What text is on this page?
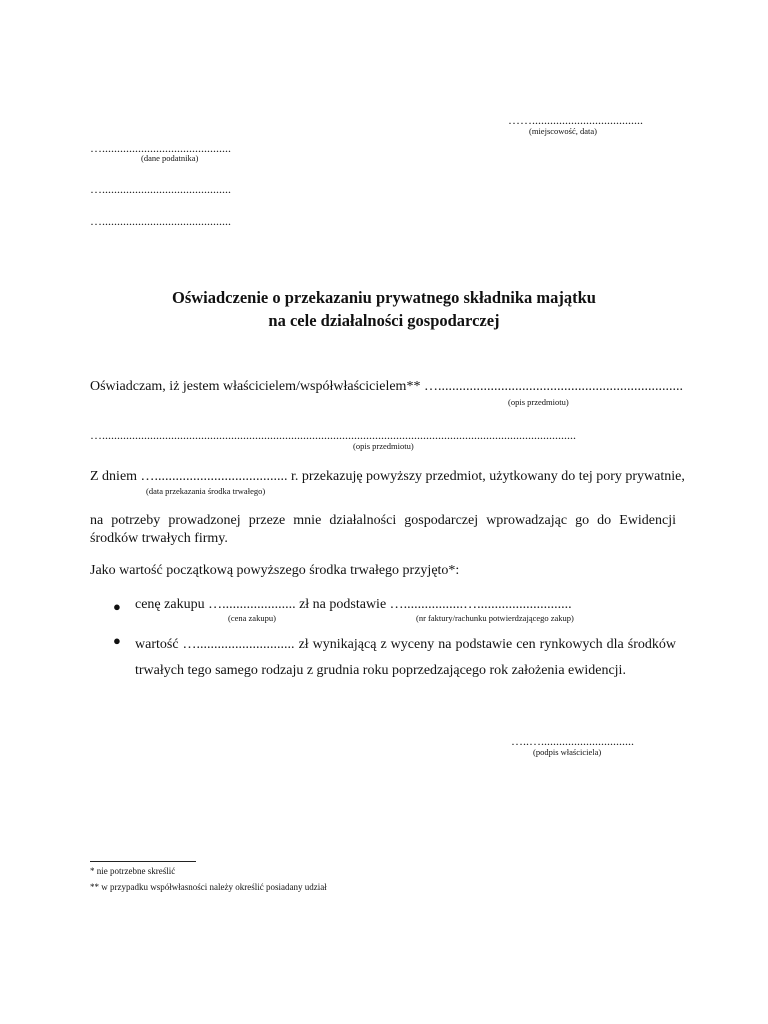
…….....................................
(miejscowość, data)
…...........................................
(dane podatnika)
…...........................................
…...........................................
Oświadczenie o przekazaniu prywatnego składnika majątku
na cele działalności gospodarczej
Oświadczam, iż jestem właścicielem/współwłaścicielem** …......................................................................
(opis przedmiotu)
…..............................................................................................................................................................
(opis przedmiotu)
Z dniem …...................................... r. przekazuję powyższy przedmiot, użytkowany do tej pory prywatnie,
(data przekazania środka trwałego)
na potrzeby prowadzonej przeze mnie działalności gospodarczej wprowadzając go do Ewidencji środków trwałych firmy.
Jako wartość początkową powyższego środka trwałego przyjęto*:
● cenę zakupu …..................... zł na podstawie ….................…...........................
(cena zakupu)	(nr faktury/rachunku potwierdzającego zakup)
● wartość …............................ zł wynikającą z wyceny na podstawie cen rynkowych dla środków trwałych tego samego rodzaju z grudnia roku poprzedzającego rok założenia ewidencji.
…..…...............................
(podpis właściciela)
* nie potrzebne skreślić
** w przypadku współwłasności należy określić posiadany udział
